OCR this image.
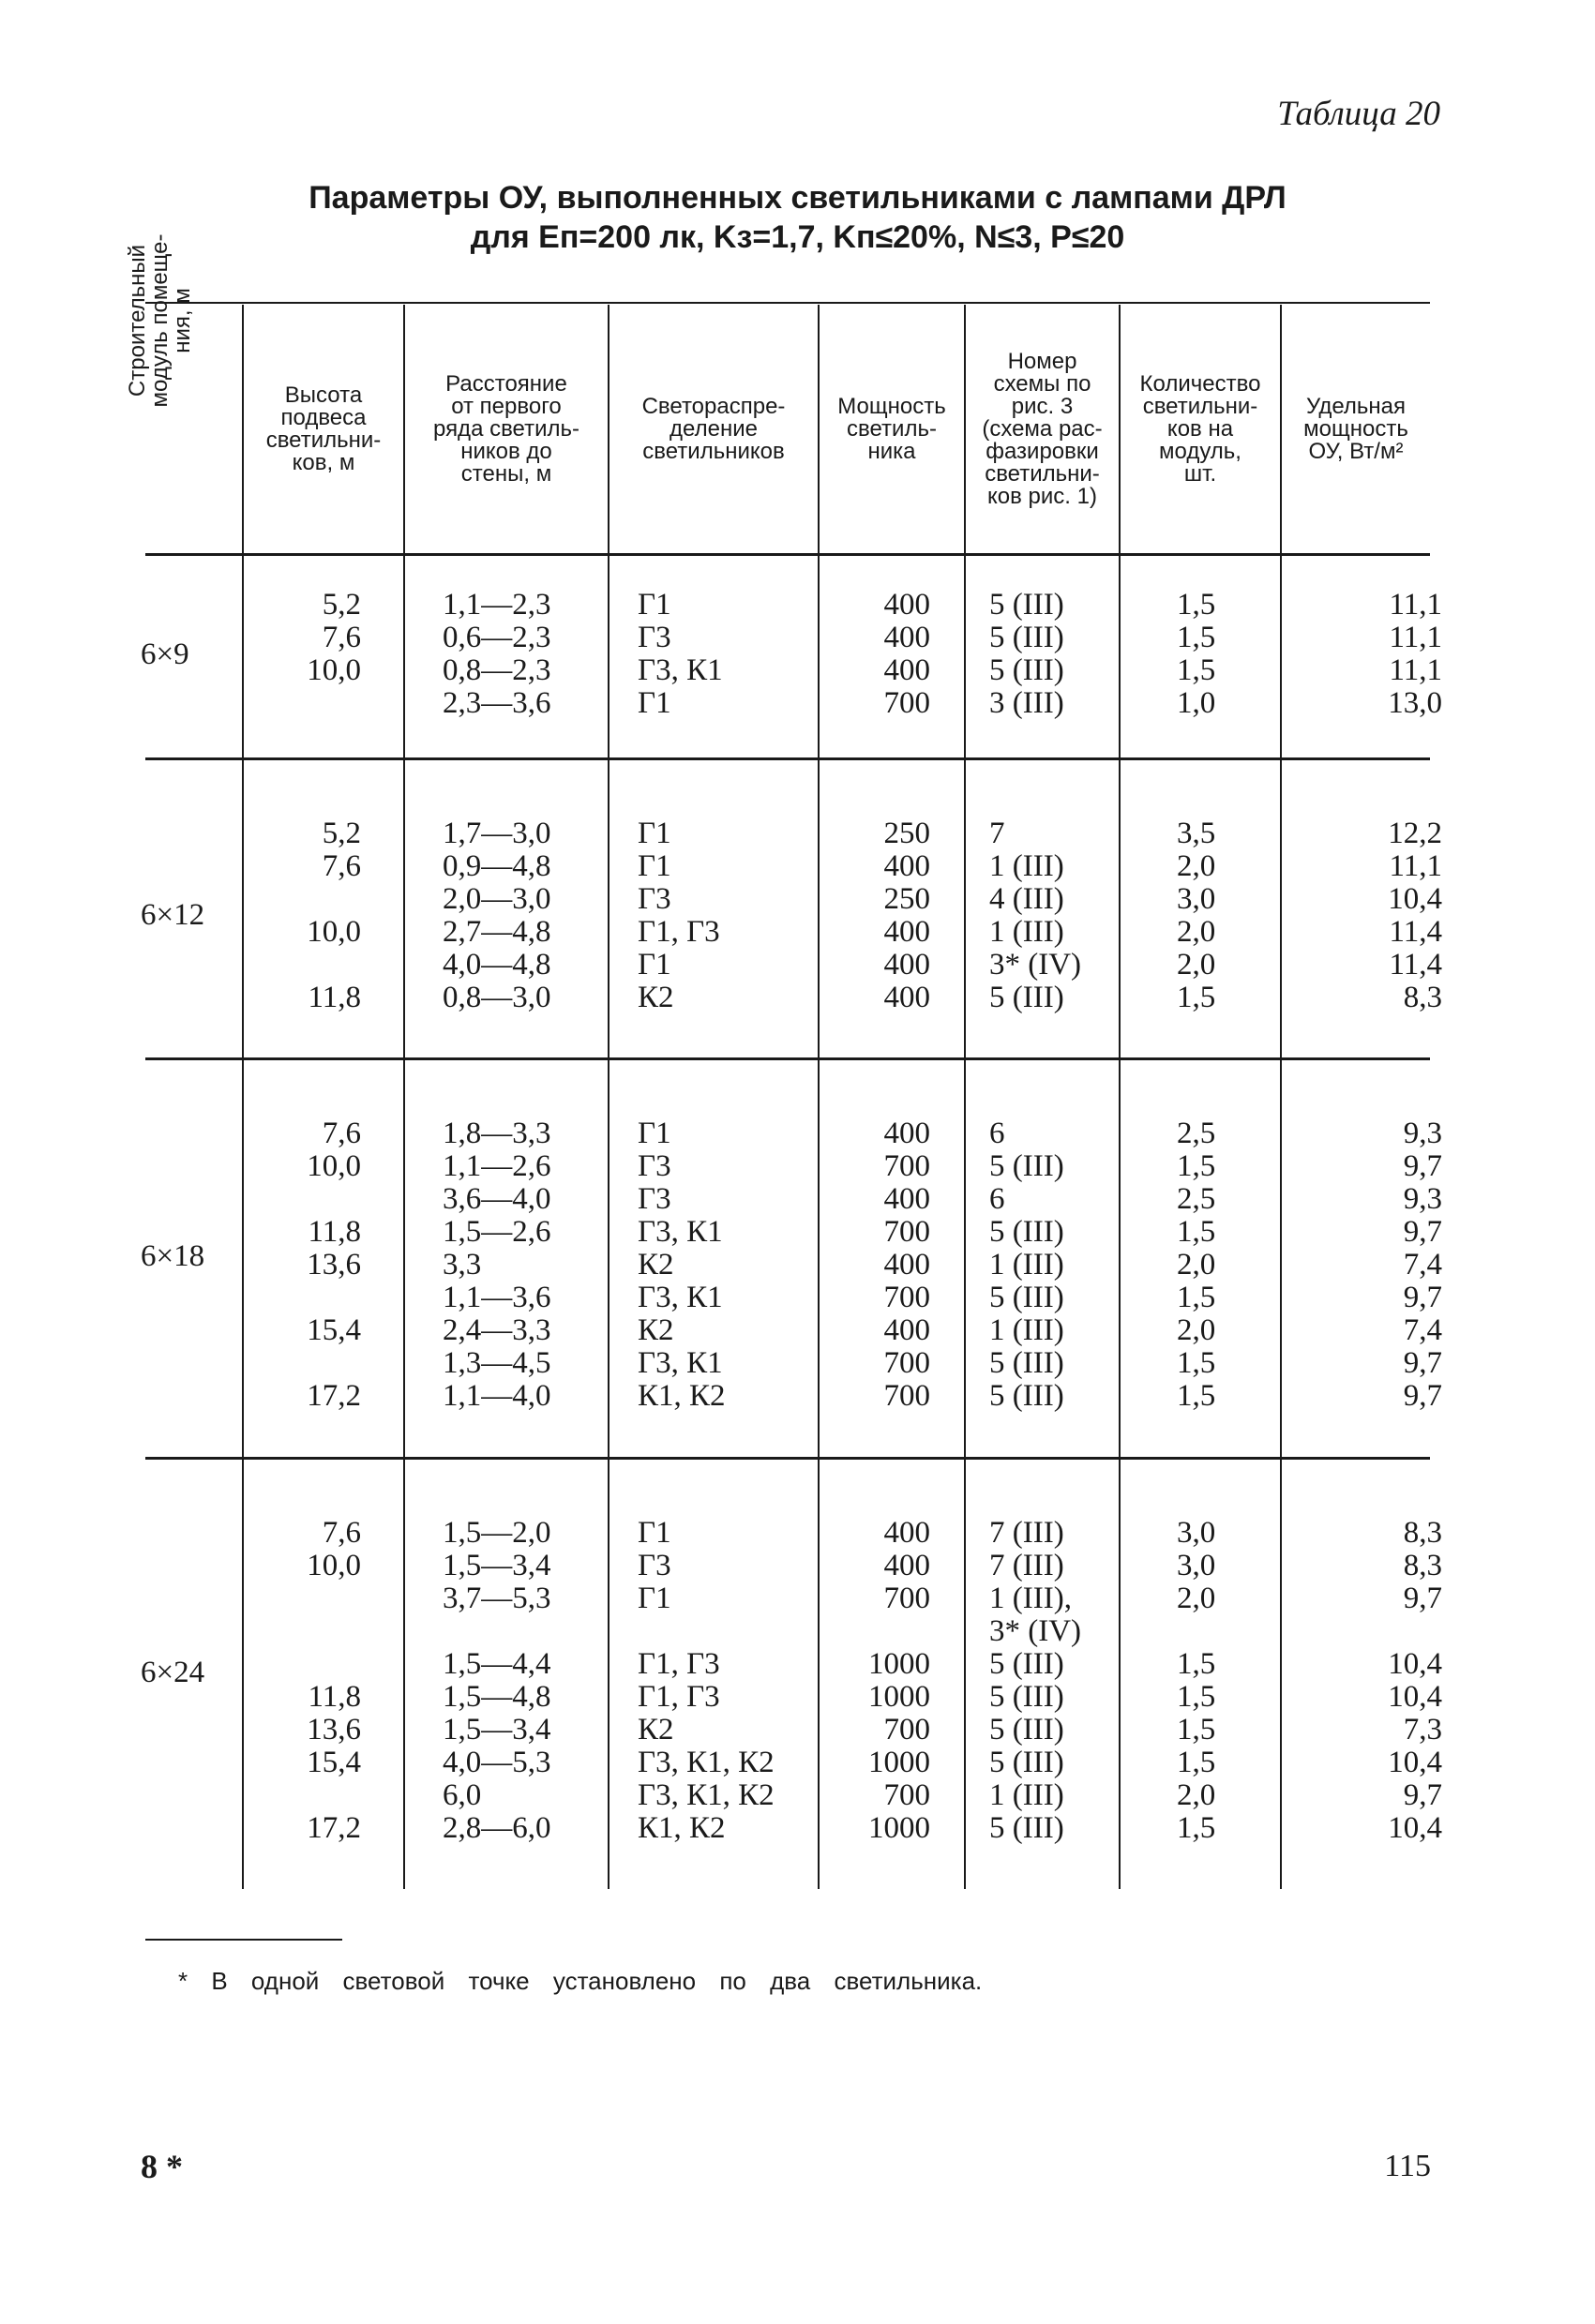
Таблица 20
Параметры ОУ, выполненных светильниками с лампами ДРЛ
для Eп=200 лк, Kз=1,7, Kп≤20%, N≤3, P≤20
Строительный
модуль помеще-
ния, м
Высота
подвеса
светильни-
ков, м
Расстояние
от первого
ряда светиль-
ников до
стены, м
Светораспре-
деление
светильников
Мощность
светиль-
ника
Номер
схемы по
рис. 3
(схема рас-
фазировки
светильни-
ков рис. 1)
Количество
светильни-
ков на
модуль,
шт.
Удельная
мощность
ОУ, Вт/м²
6×9
5,2
7,6
10,0
1,1—2,3
0,6—2,3
0,8—2,3
2,3—3,6
Г1
Г3
Г3, К1
Г1
400
400
400
700
5 (III)
5 (III)
5 (III)
3 (III)
1,5
1,5
1,5
1,0
11,1
11,1
11,1
13,0
6×12
5,2
7,6
10,0
11,8
1,7—3,0
0,9—4,8
2,0—3,0
2,7—4,8
4,0—4,8
0,8—3,0
Г1
Г1
Г3
Г1, Г3
Г1
К2
250
400
250
400
400
400
7
1 (III)
4 (III)
1 (III)
3* (IV)
5 (III)
3,5
2,0
3,0
2,0
2,0
1,5
12,2
11,1
10,4
11,4
11,4
8,3
6×18
7,6
10,0
11,8
13,6
15,4
17,2
1,8—3,3
1,1—2,6
3,6—4,0
1,5—2,6
3,3
1,1—3,6
2,4—3,3
1,3—4,5
1,1—4,0
Г1
Г3
Г3
Г3, К1
К2
Г3, К1
К2
Г3, К1
К1, К2
400
700
400
700
400
700
400
700
700
6
5 (III)
6
5 (III)
1 (III)
5 (III)
1 (III)
5 (III)
5 (III)
2,5
1,5
2,5
1,5
2,0
1,5
2,0
1,5
1,5
9,3
9,7
9,3
9,7
7,4
9,7
7,4
9,7
9,7
6×24
7,6
10,0
11,8
13,6
15,4
17,2
1,5—2,0
1,5—3,4
3,7—5,3
1,5—4,4
1,5—4,8
1,5—3,4
4,0—5,3
6,0
2,8—6,0
Г1
Г3
Г1
Г1, Г3
Г1, Г3
К2
Г3, К1, К2
Г3, К1, К2
К1, К2
400
400
700
1000
1000
700
1000
700
1000
7 (III)
7 (III)
1 (III),
3* (IV)
5 (III)
5 (III)
5 (III)
5 (III)
1 (III)
5 (III)
3,0
3,0
2,0
1,5
1,5
1,5
1,5
2,0
1,5
8,3
8,3
9,7
10,4
10,4
7,3
10,4
9,7
10,4
* В одной световой точке установлено по два светильника.
8 *	115
